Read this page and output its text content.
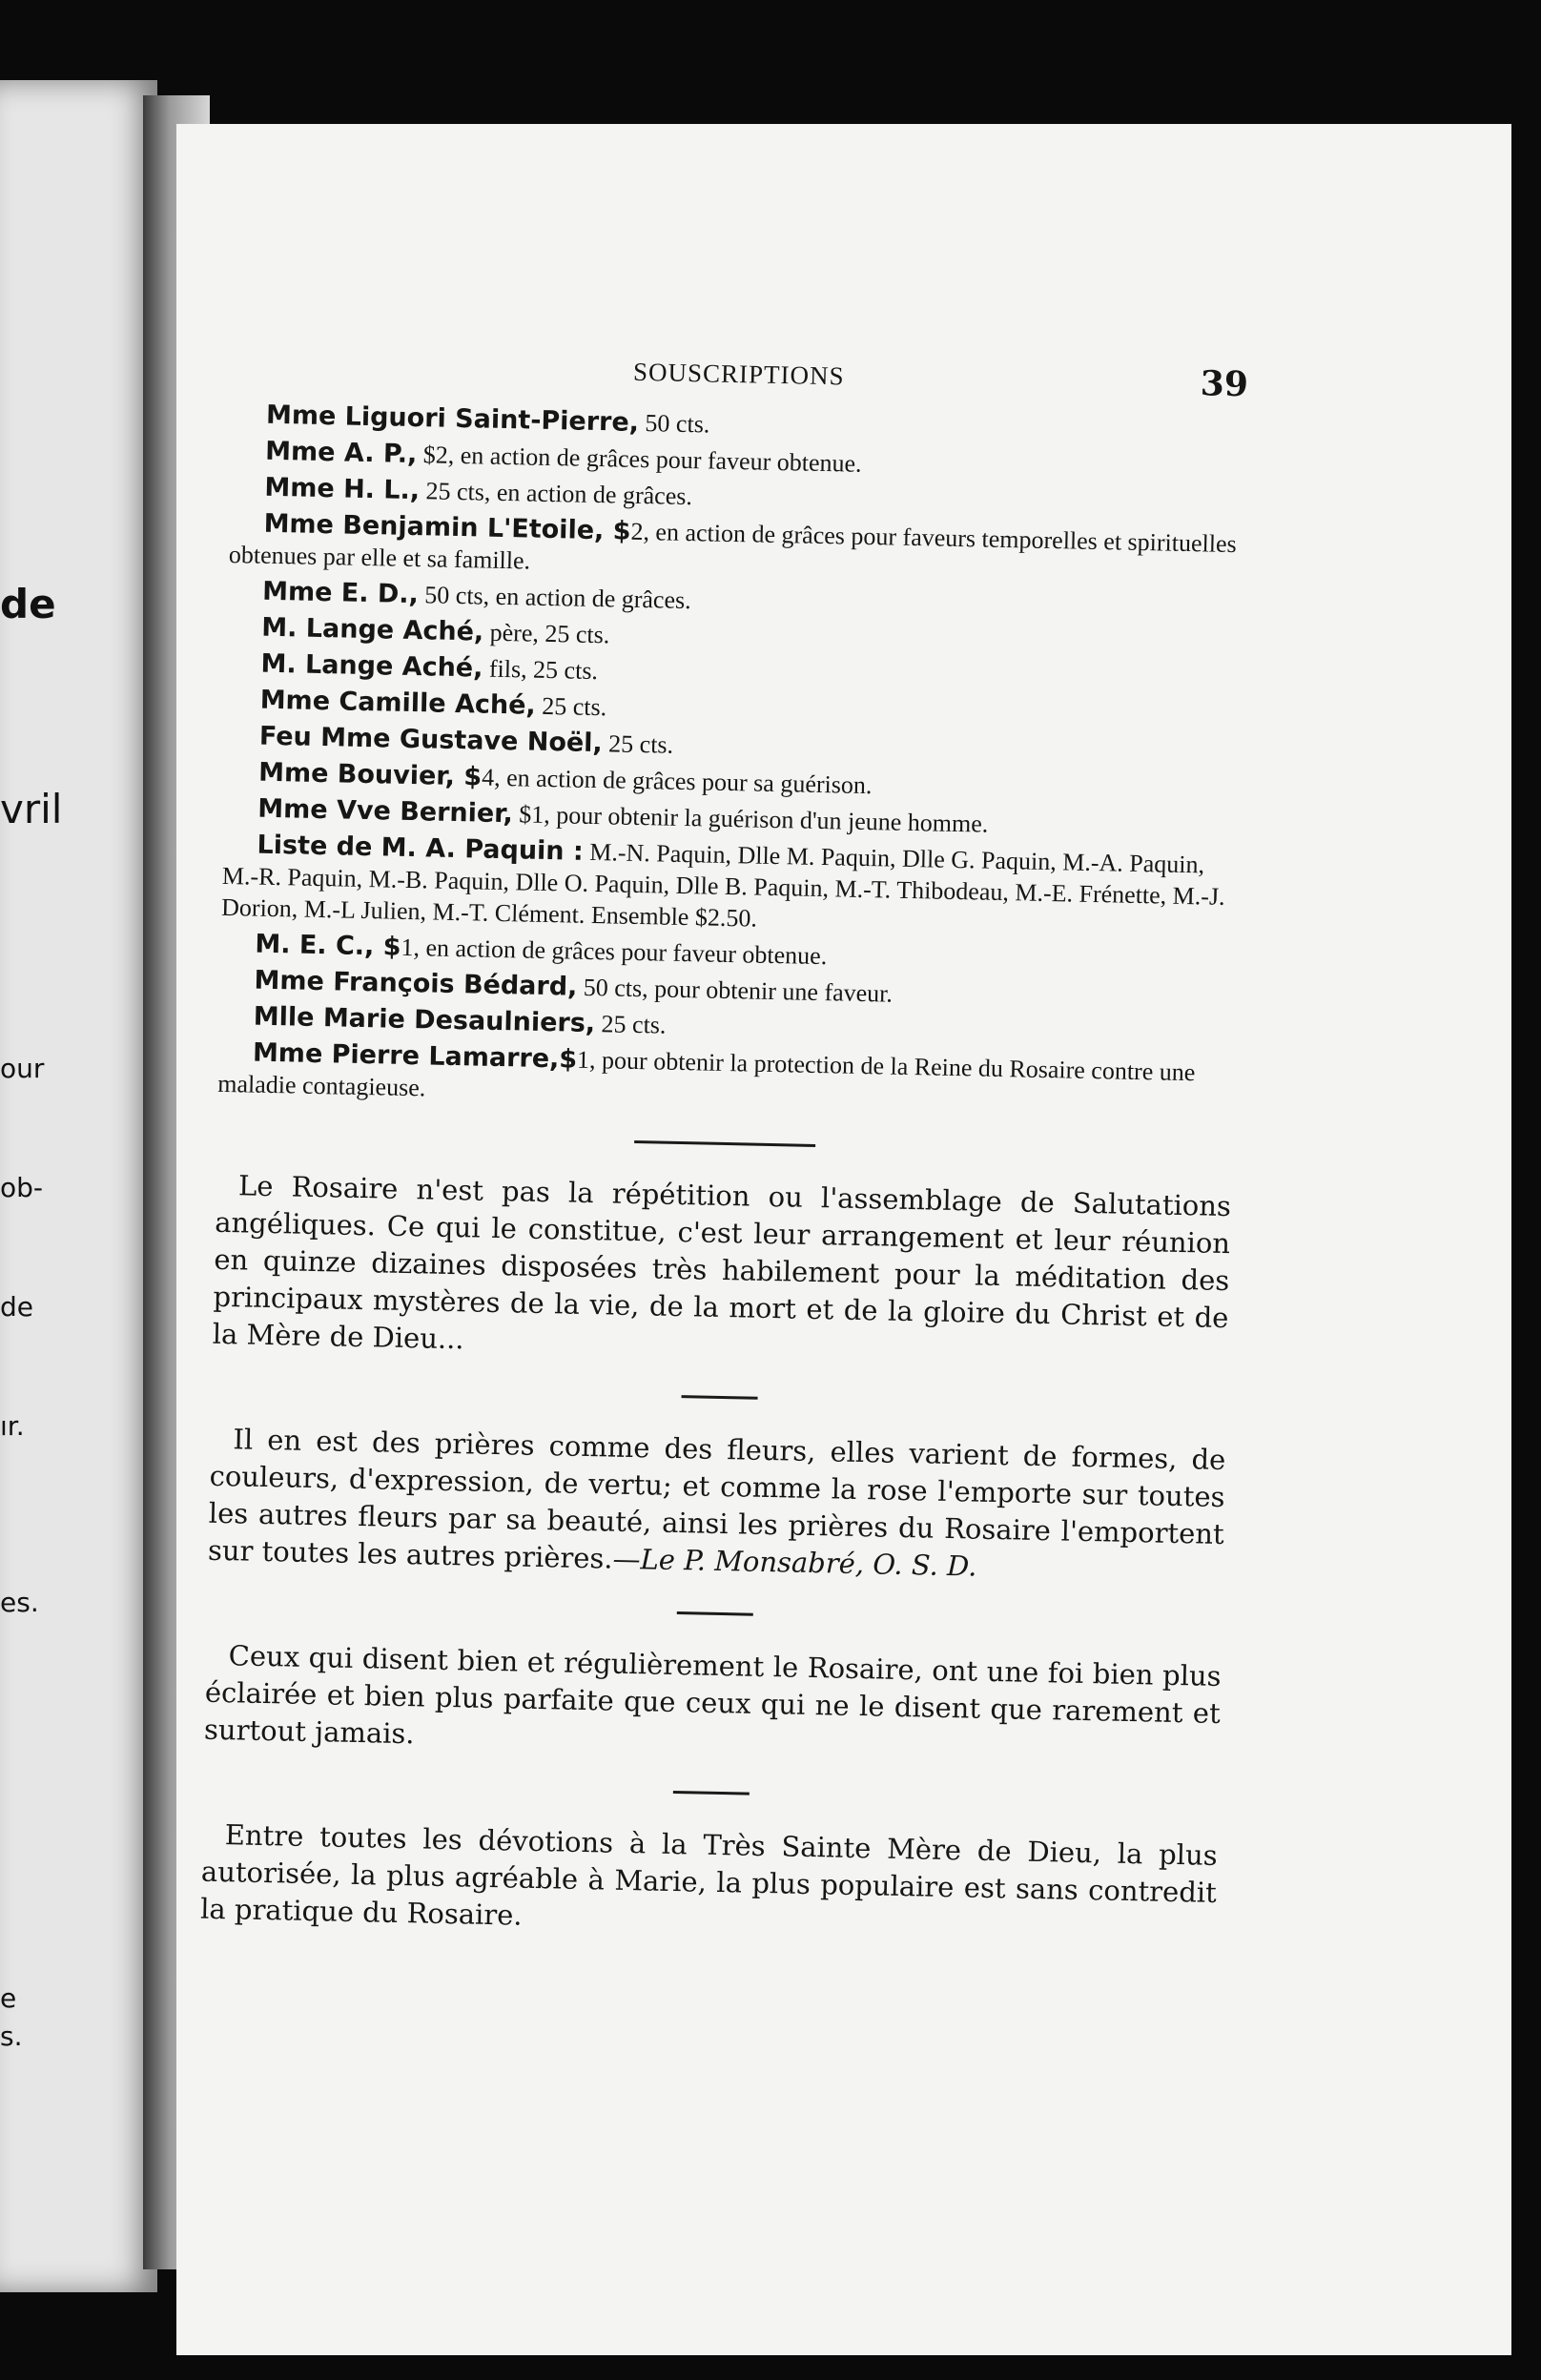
de
vril
our
ob-
de
ır.
es.
e
s.
SOUSCRIPTIONS	39

Mme Liguori Saint-Pierre, 50 cts.

Mme A. P., $2, en action de grâces pour faveur obtenue.

Mme H. L., 25 cts, en action de grâces.

Mme Benjamin L'Etoile, $2, en action de grâces pour faveurs temporelles et spirituelles obtenues par elle et sa famille.

Mme E. D., 50 cts, en action de grâces.

M. Lange Aché, père, 25 cts.

M. Lange Aché, fils, 25 cts.

Mme Camille Aché, 25 cts.

Feu Mme Gustave Noël, 25 cts.

Mme Bouvier, $4, en action de grâces pour sa guérison.

Mme Vve Bernier, $1, pour obtenir la guérison d'un jeune homme.

Liste de M. A. Paquin : M.-N. Paquin, Dlle M. Paquin, Dlle G. Paquin, M.-A. Paquin, M.-R. Paquin, M.-B. Paquin, Dlle O. Paquin, Dlle B. Paquin, M.-T. Thibodeau, M.-E. Frénette, M.-J. Dorion, M.-L Julien, M.-T. Clément. Ensemble $2.50.

M. E. C., $1, en action de grâces pour faveur obtenue.

Mme François Bédard, 50 cts, pour obtenir une faveur.

Mlle Marie Desaulniers, 25 cts.

Mme Pierre Lamarre,$1, pour obtenir la protection de la Reine du Rosaire contre une maladie contagieuse.

Le Rosaire n'est pas la répétition ou l'assemblage de Salutations angéliques. Ce qui le constitue, c'est leur arrangement et leur réunion en quinze dizaines disposées très habilement pour la méditation des principaux mystères de la vie, de la mort et de la gloire du Christ et de la Mère de Dieu...

Il en est des prières comme des fleurs, elles varient de formes, de couleurs, d'expression, de vertu; et comme la rose l'emporte sur toutes les autres fleurs par sa beauté, ainsi les prières du Rosaire l'emportent sur toutes les autres prières.—Le P. Monsabré, O. S. D.

Ceux qui disent bien et régulièrement le Rosaire, ont une foi bien plus éclairée et bien plus parfaite que ceux qui ne le disent que rarement et surtout jamais.

Entre toutes les dévotions à la Très Sainte Mère de Dieu, la plus autorisée, la plus agréable à Marie, la plus populaire est sans contredit la pratique du Rosaire.
